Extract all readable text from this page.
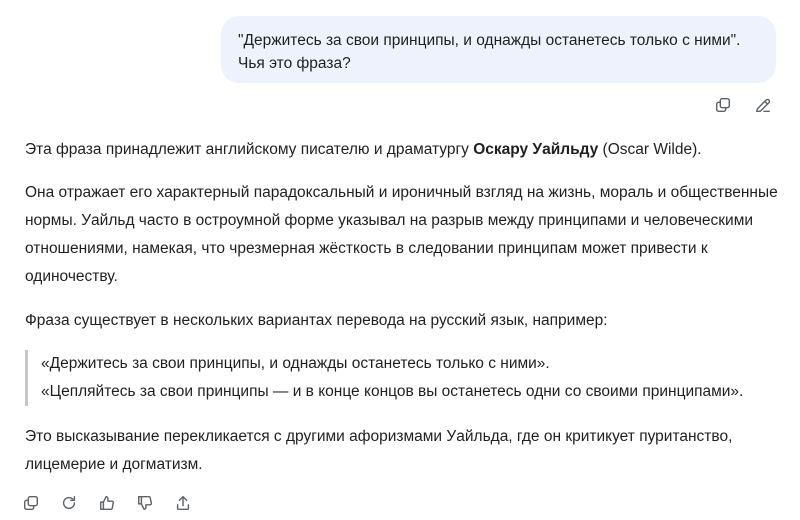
"Держитесь за свои принципы, и однажды останетесь только с ними".

Чья это фраза?

Эта фраза принадлежит английскому писателю и драматургу Оскару Уайльду (Oscar Wilde).

Она отражает его характерный парадоксальный и ироничный взгляд на жизнь, мораль и общественные нормы. Уайльд часто в остроумной форме указывал на разрыв между принципами и человеческими отношениями, намекая, что чрезмерная жёсткость в следовании принципам может привести к одиночеству.

Фраза существует в нескольких вариантах перевода на русский язык, например:

«Держитесь за свои принципы, и однажды останетесь только с ними».

«Цепляйтесь за свои принципы — и в конце концов вы останетесь одни со своими принципами».

Это высказывание перекликается с другими афоризмами Уайльда, где он критикует пуританство, лицемерие и догматизм.
